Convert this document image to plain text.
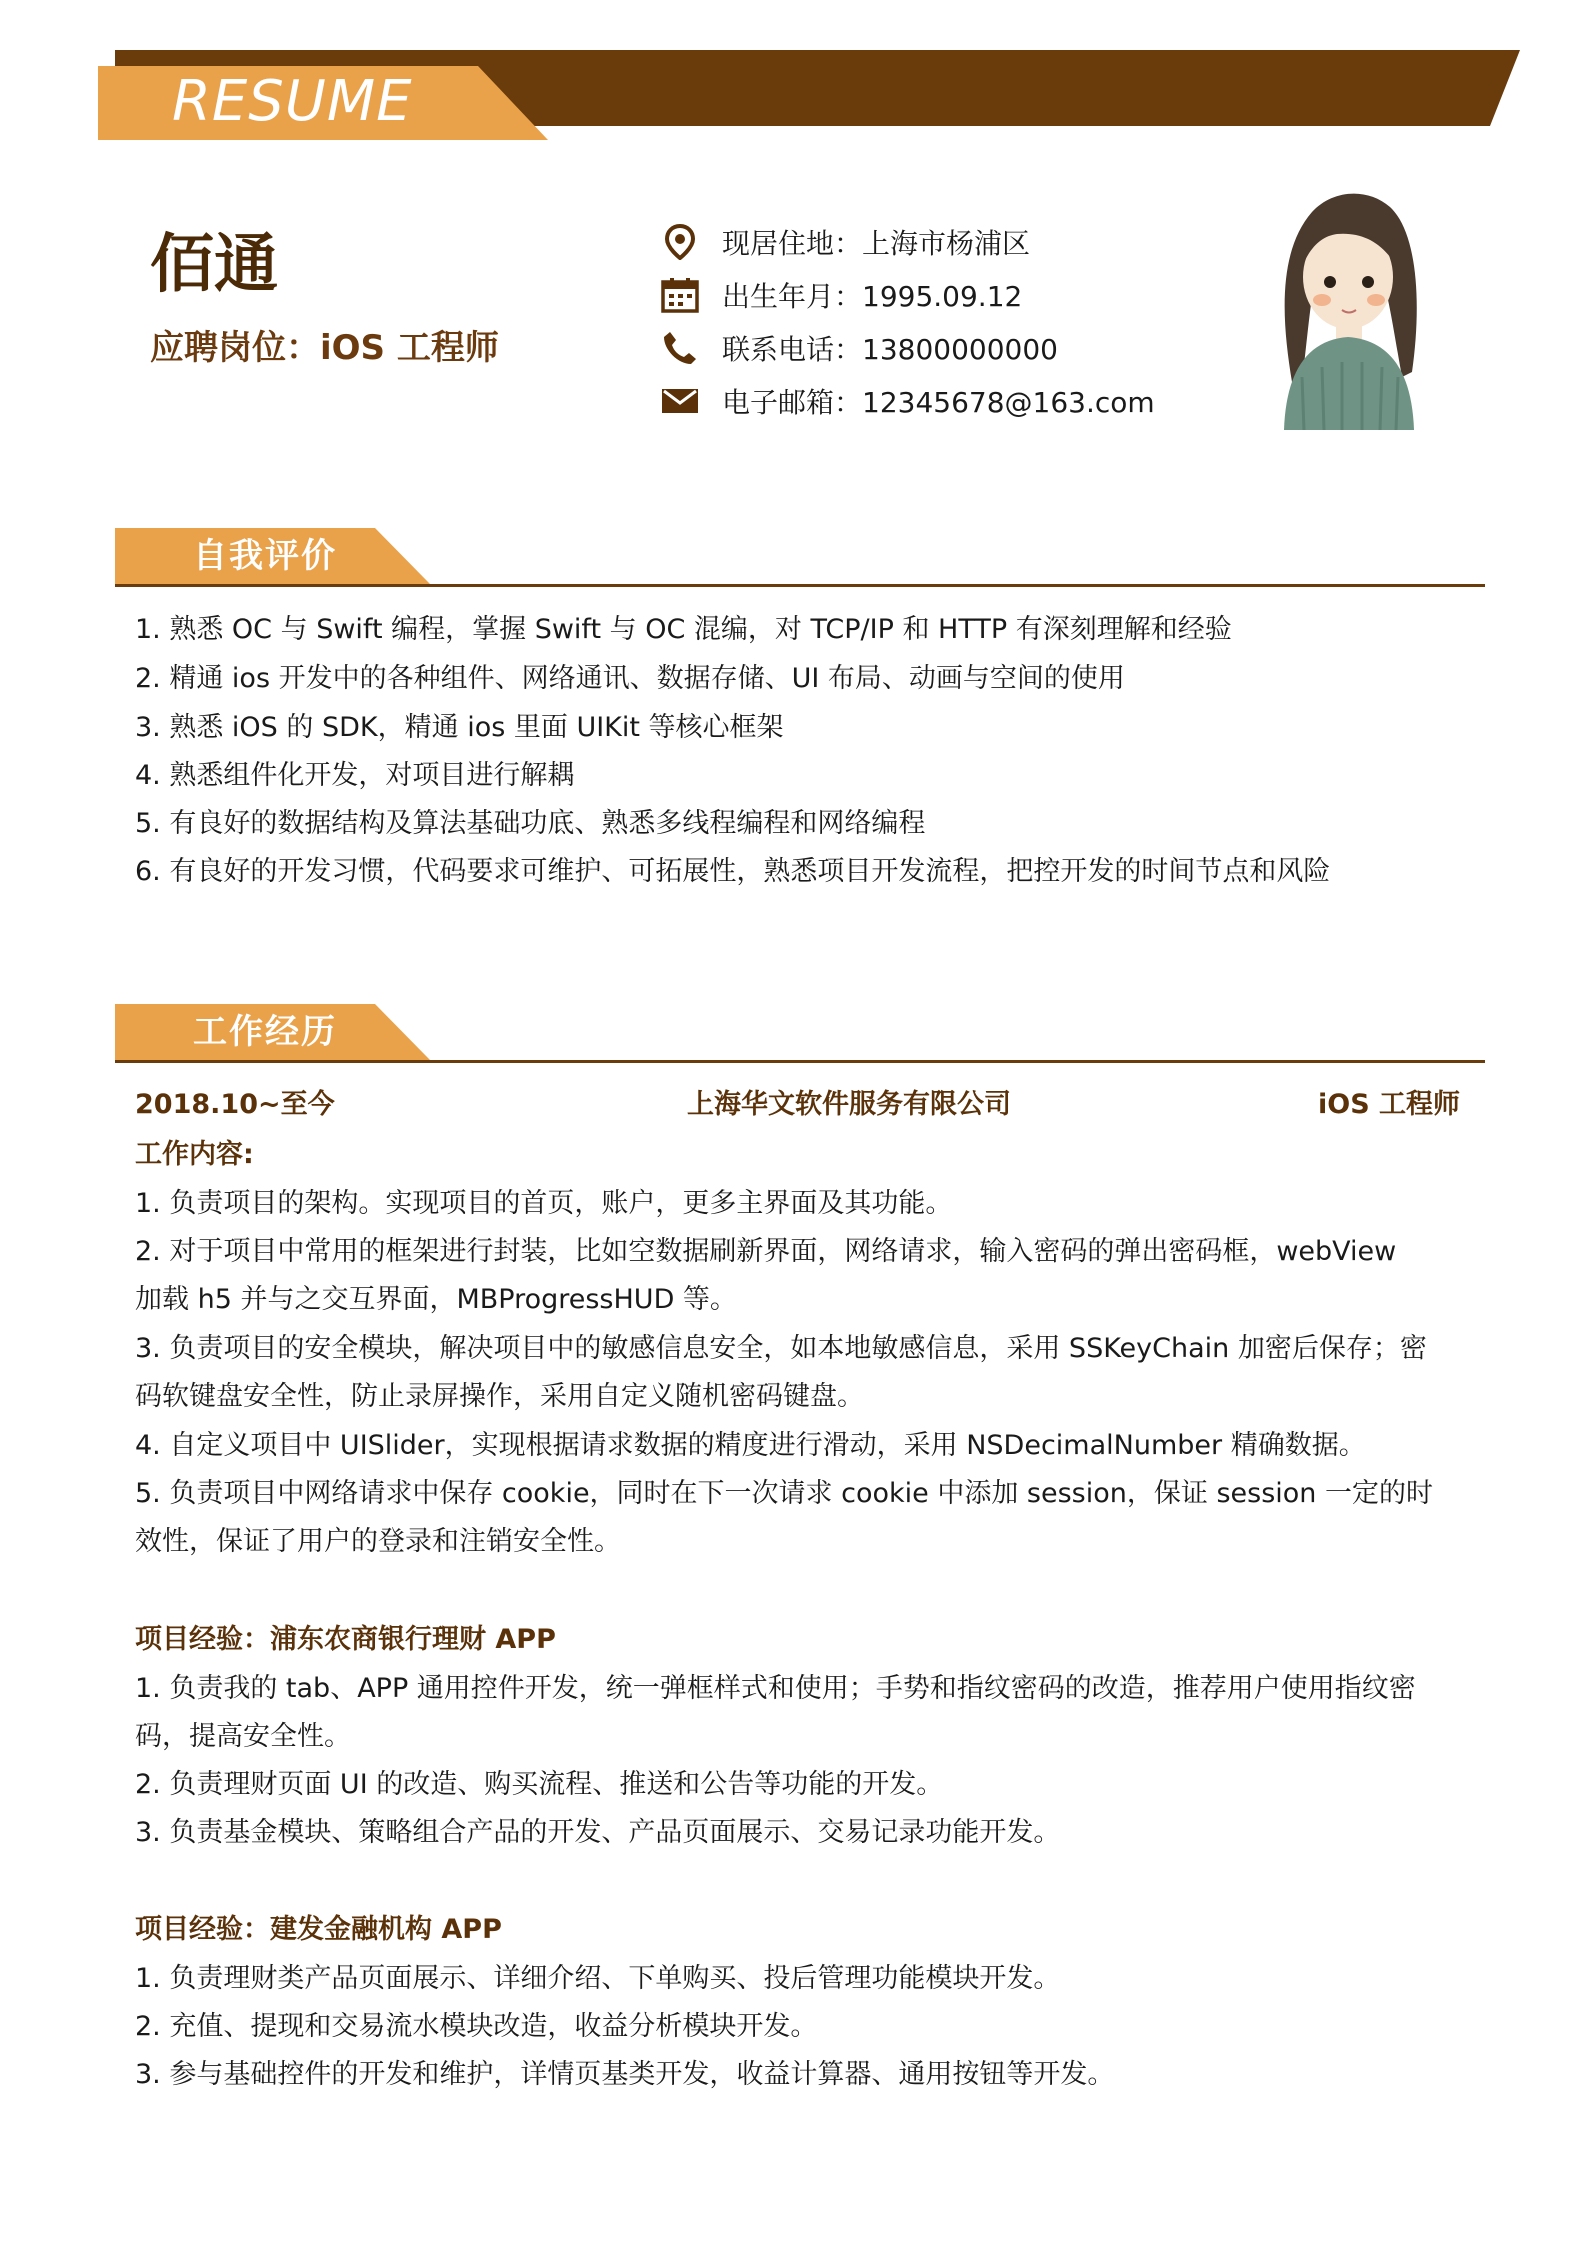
RESUME
佰通
应聘岗位：iOS 工程师
现居住地：上海市杨浦区
出生年月：1995.09.12
联系电话：13800000000
电子邮箱：12345678@163.com
自我评价
1. 熟悉 OC 与 Swift 编程，掌握 Swift 与 OC 混编，对 TCP/IP 和 HTTP 有深刻理解和经验
2. 精通 ios 开发中的各种组件、网络通讯、数据存储、UI 布局、动画与空间的使用
3. 熟悉 iOS 的 SDK，精通 ios 里面 UIKit 等核心框架
4. 熟悉组件化开发，对项目进行解耦
5. 有良好的数据结构及算法基础功底、熟悉多线程编程和网络编程
6. 有良好的开发习惯，代码要求可维护、可拓展性，熟悉项目开发流程，把控开发的时间节点和风险
工作经历
2018.10~至今	上海华文软件服务有限公司	iOS 工程师
工作内容:
1. 负责项目的架构。实现项目的首页，账户，更多主界面及其功能。
2. 对于项目中常用的框架进行封装，比如空数据刷新界面，网络请求，输入密码的弹出密码框，webView
加载 h5 并与之交互界面，MBProgressHUD 等。
3. 负责项目的安全模块，解决项目中的敏感信息安全，如本地敏感信息，采用 SSKeyChain 加密后保存；密
码软键盘安全性，防止录屏操作，采用自定义随机密码键盘。
4. 自定义项目中 UISlider，实现根据请求数据的精度进行滑动，采用 NSDecimalNumber 精确数据。
5. 负责项目中网络请求中保存 cookie，同时在下一次请求 cookie 中添加 session，保证 session 一定的时
效性，保证了用户的登录和注销安全性。
项目经验：浦东农商银行理财 APP
1. 负责我的 tab、APP 通用控件开发，统一弹框样式和使用；手势和指纹密码的改造，推荐用户使用指纹密
码，提高安全性。
2. 负责理财页面 UI 的改造、购买流程、推送和公告等功能的开发。
3. 负责基金模块、策略组合产品的开发、产品页面展示、交易记录功能开发。
项目经验：建发金融机构 APP
1. 负责理财类产品页面展示、详细介绍、下单购买、投后管理功能模块开发。
2. 充值、提现和交易流水模块改造，收益分析模块开发。
3. 参与基础控件的开发和维护，详情页基类开发，收益计算器、通用按钮等开发。
